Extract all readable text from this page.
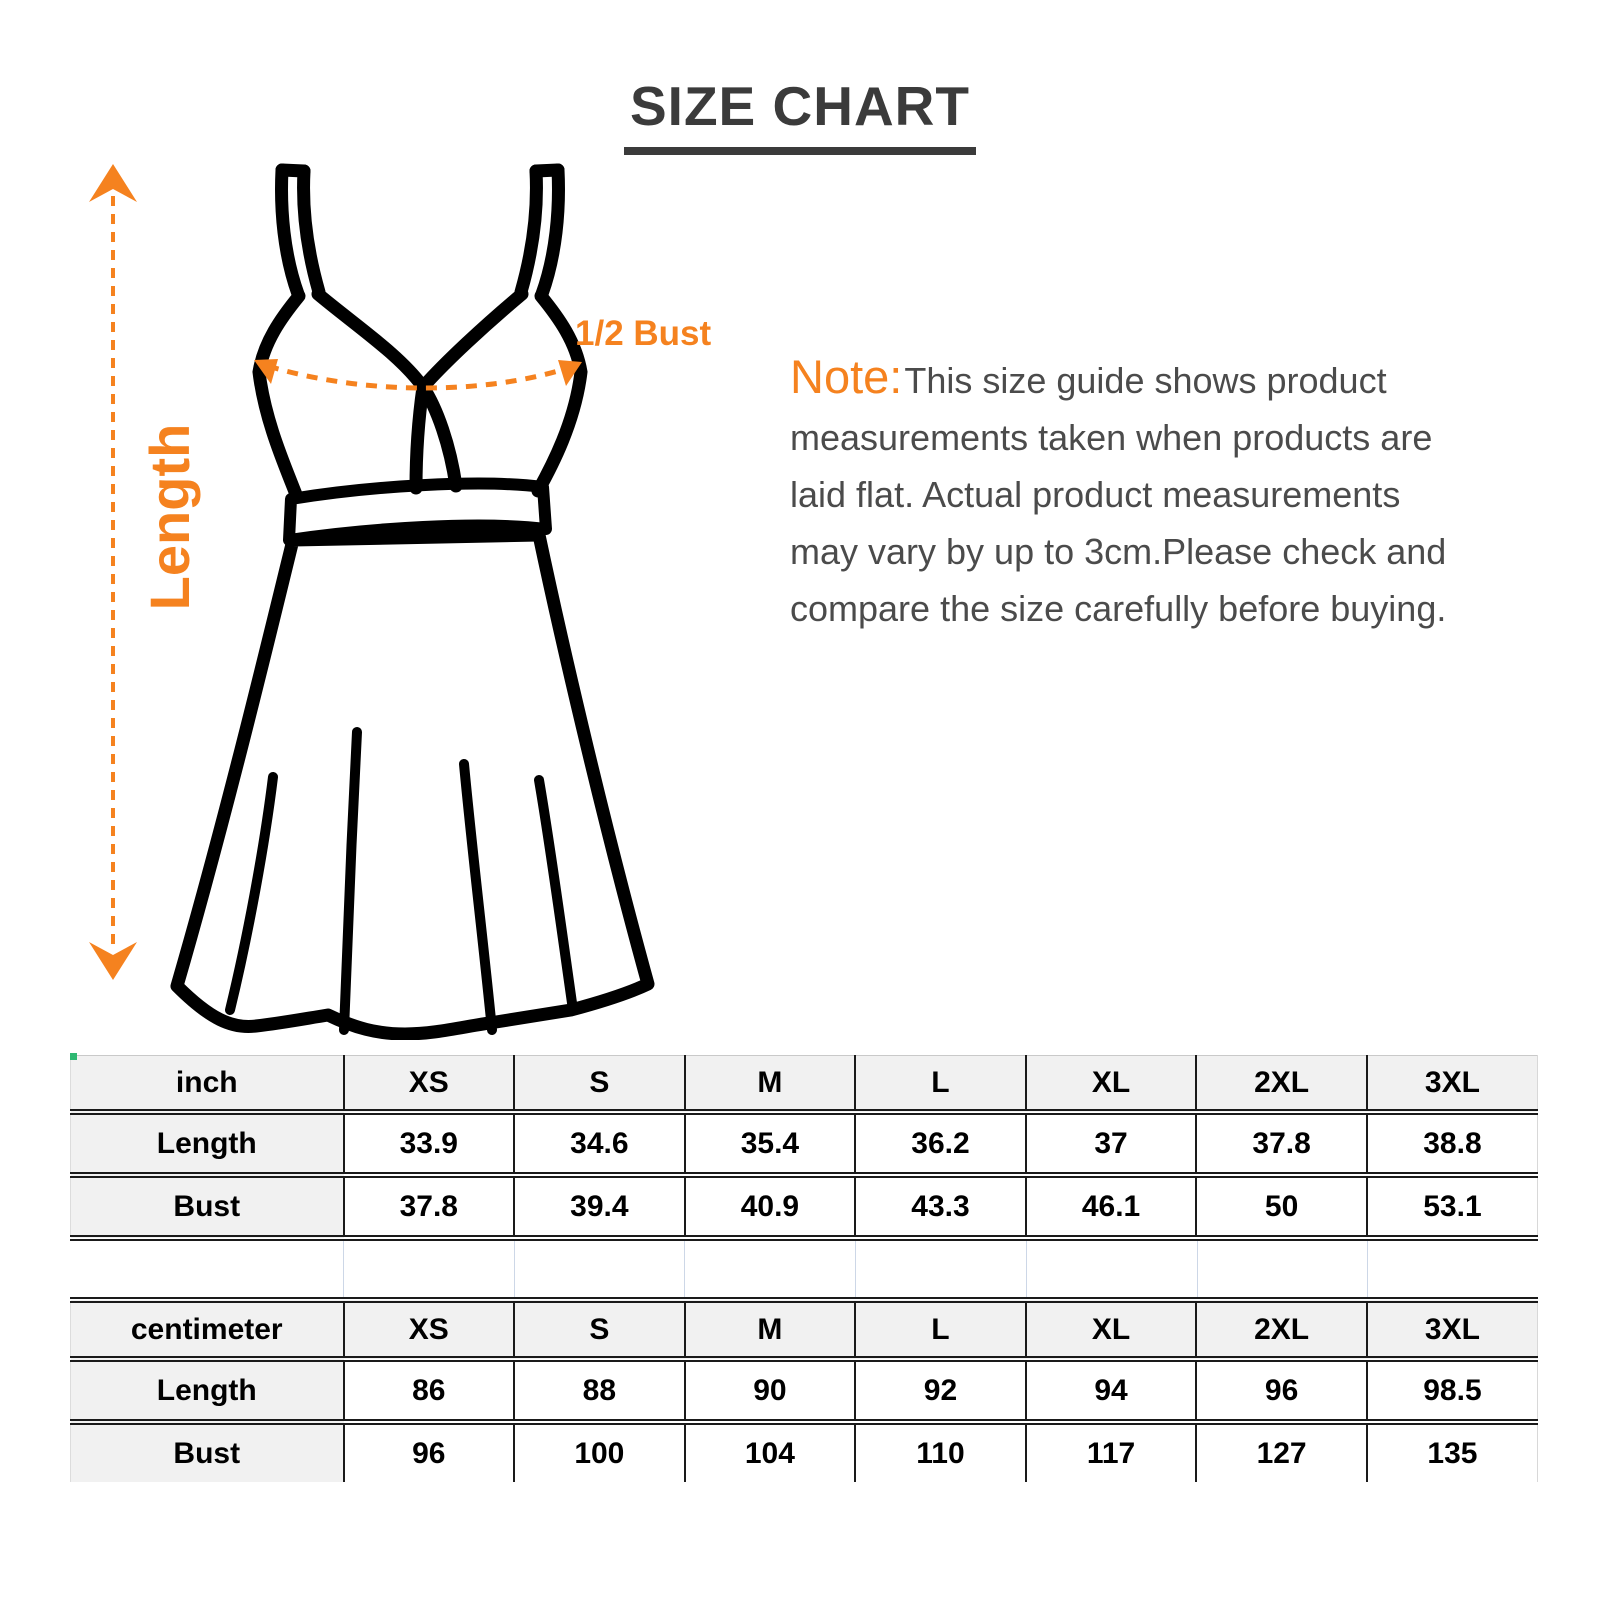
SIZE CHART
Length
1/2 Bust
Note:This size guide shows product
measurements taken when products are
laid flat. Actual product measurements
may vary by up to 3cm.Please check and
compare the size carefully before buying.
inch	XS	S	M	L	XL	2XL	3XL
Length	33.9	34.6	35.4	36.2	37	37.8	38.8
Bust	37.8	39.4	40.9	43.3	46.1	50	53.1
centimeter	XS	S	M	L	XL	2XL	3XL
Length	86	88	90	92	94	96	98.5
Bust	96	100	104	110	117	127	135
